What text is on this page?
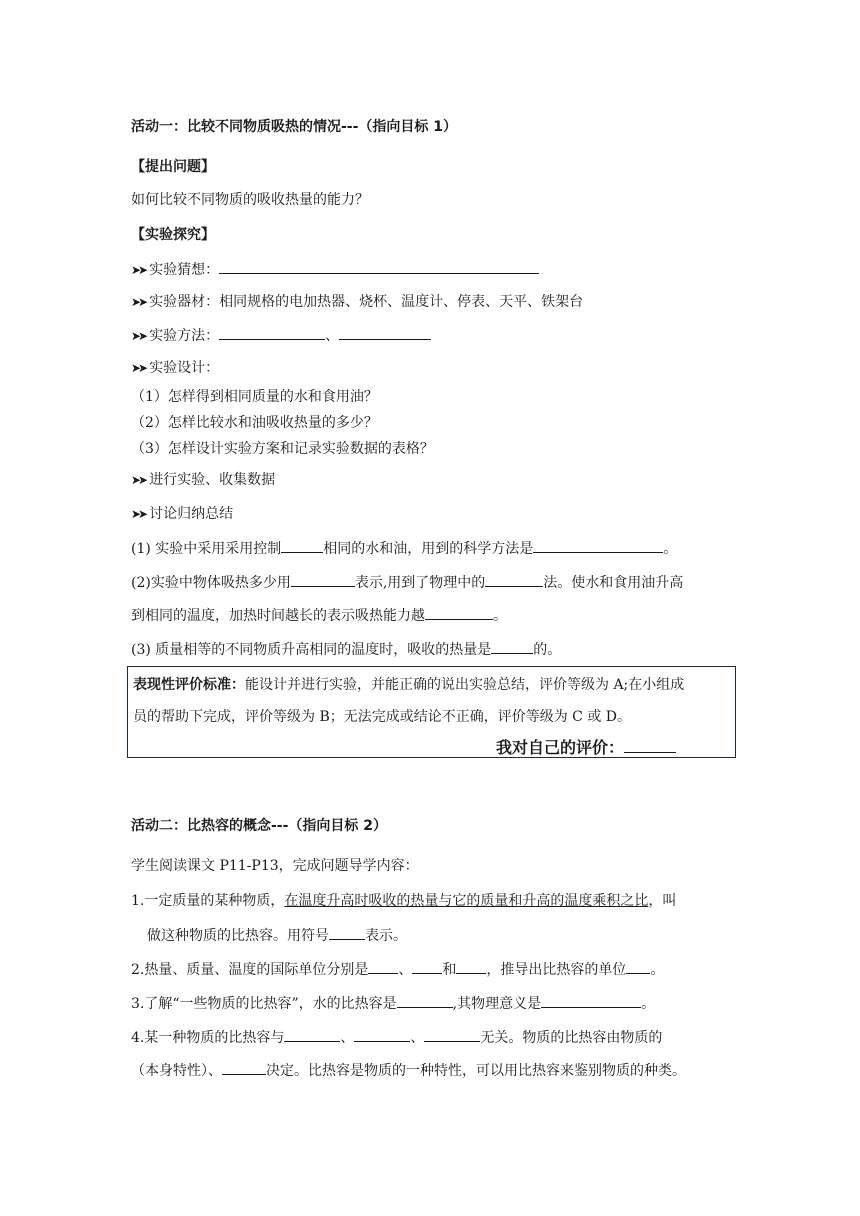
活动一：比较不同物质吸热的情况---（指向目标 1）
【提出问题】
如何比较不同物质的吸收热量的能力？
【实验探究】
➤➤ 实验猜想：
➤➤ 实验器材：相同规格的电加热器、烧杯、温度计、停表、天平、铁架台
➤➤ 实验方法：	、
➤➤ 实验设计：
（1）怎样得到相同质量的水和食用油？
（2）怎样比较水和油吸收热量的多少？
（3）怎样设计实验方案和记录实验数据的表格？
➤➤ 进行实验、收集数据
➤➤ 讨论归纳总结
(1) 实验中采用采用控制	相同的水和油，用到的科学方法是	。
(2)实验中物体吸热多少用	表示,用到了物理中的	法。使水和食用油升高
到相同的温度，加热时间越长的表示吸热能力越	。
(3) 质量相等的不同物质升高相同的温度时，吸收的热量是	的。
表现性评价标准：能设计并进行实验，并能正确的说出实验总结，评价等级为 A;在小组成
员的帮助下完成，评价等级为 B；无法完成或结论不正确，评价等级为 C 或 D。
我对自己的评价：
活动二：比热容的概念---（指向目标 2）
学生阅读课文 P11-P13，完成问题导学内容：
1.一定质量的某种物质，在温度升高时吸收的热量与它的质量和升高的温度乘积之比，叫
做这种物质的比热容。用符号	表示。
2.热量、质量、温度的国际单位分别是 、 和 ，推导出比热容的单位 。
3.了解“一些物质的比热容”，水的比热容是	,其物理意义是	。
4.某一种物质的比热容与	、	、	无关。物质的比热容由物质的
（本身特性）、	决定。比热容是物质的一种特性，可以用比热容来鉴别物质的种类。
